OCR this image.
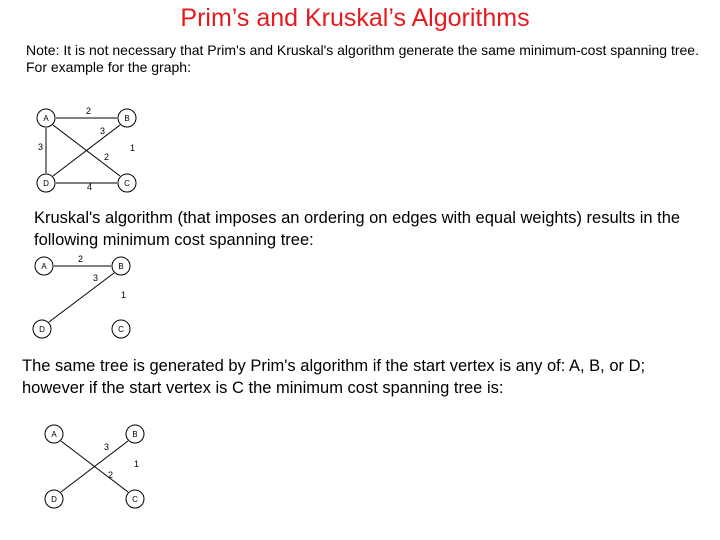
Prim’s and Kruskal’s Algorithms
Note: It is not necessary that Prim's and Kruskal's algorithm generate the same minimum-cost spanning tree.
For example for the graph:
A	B
D	C
2
3
3
2
1
4
Kruskal's algorithm (that imposes an ordering on edges with equal weights) results in the following minimum cost spanning tree:
A	B
D	C
2
3
1
The same tree is generated by Prim's algorithm if the start vertex is any of: A, B, or D; however if the start vertex is C the minimum cost spanning tree is:
A	B
D	C
3
2
1
